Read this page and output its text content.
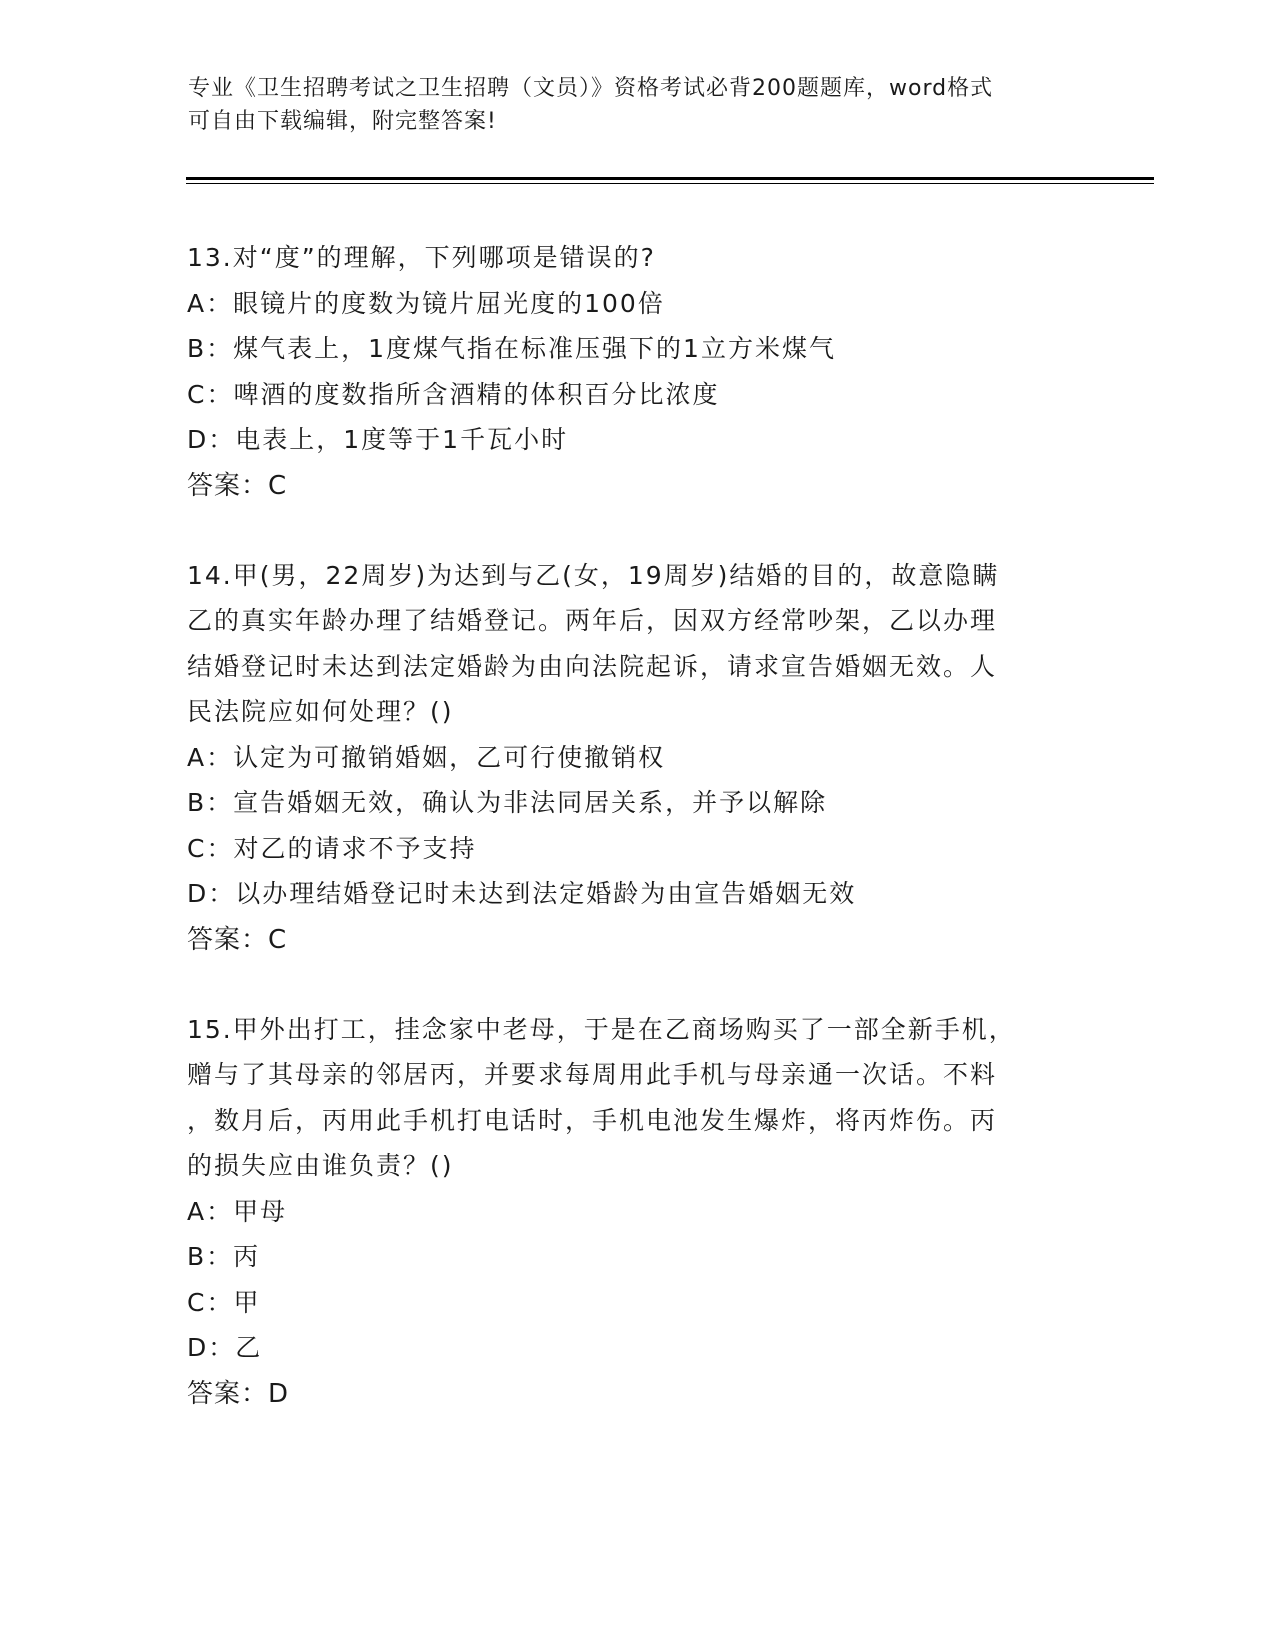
专业《卫生招聘考试之卫生招聘（文员）》资格考试必背200题题库，word格式
可自由下载编辑，附完整答案!
13.对“度”的理解，下列哪项是错误的?
A：眼镜片的度数为镜片屈光度的100倍
B：煤气表上，1度煤气指在标准压强下的1立方米煤气
C：啤酒的度数指所含酒精的体积百分比浓度
D：电表上，1度等于1千瓦小时
答案：C
14.甲(男，22周岁)为达到与乙(女，19周岁)结婚的目的，故意隐瞒
乙的真实年龄办理了结婚登记。两年后，因双方经常吵架，乙以办理
结婚登记时未达到法定婚龄为由向法院起诉，请求宣告婚姻无效。人
民法院应如何处理？()
A：认定为可撤销婚姻，乙可行使撤销权
B：宣告婚姻无效，确认为非法同居关系，并予以解除
C：对乙的请求不予支持
D：以办理结婚登记时未达到法定婚龄为由宣告婚姻无效
答案：C
15.甲外出打工，挂念家中老母，于是在乙商场购买了一部全新手机，
赠与了其母亲的邻居丙，并要求每周用此手机与母亲通一次话。不料
，数月后，丙用此手机打电话时，手机电池发生爆炸，将丙炸伤。丙
的损失应由谁负责？()
A：甲母
B：丙
C：甲
D：乙
答案：D
